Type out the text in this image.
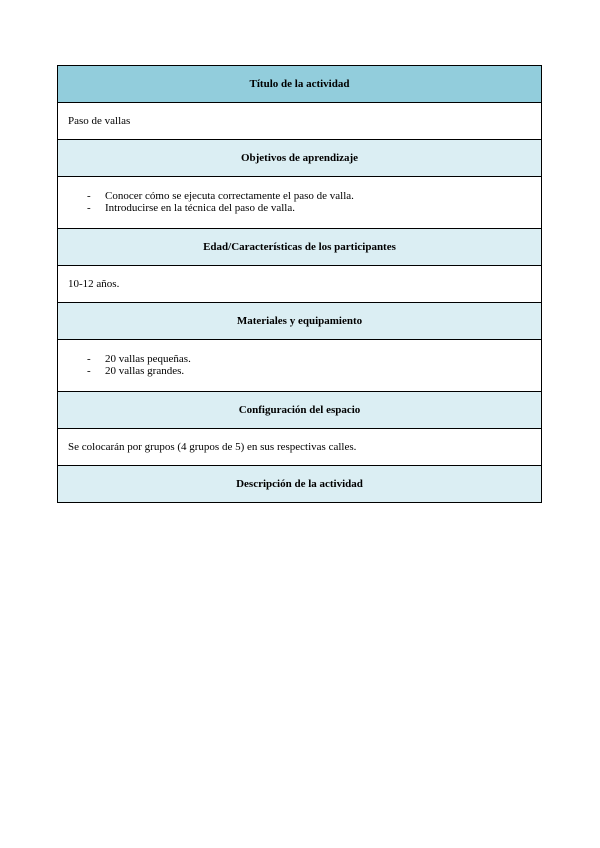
Título de la actividad
Paso de vallas
Objetivos de aprendizaje
- Conocer cómo se ejecuta correctamente el paso de valla.
- Introducirse en la técnica del paso de valla.
Edad/Características de los participantes
10-12 años.
Materiales y equipamiento
- 20 vallas pequeñas.
- 20 vallas grandes.
Configuración del espacio
Se colocarán por grupos (4 grupos de 5) en sus respectivas calles.
Descripción de la actividad
